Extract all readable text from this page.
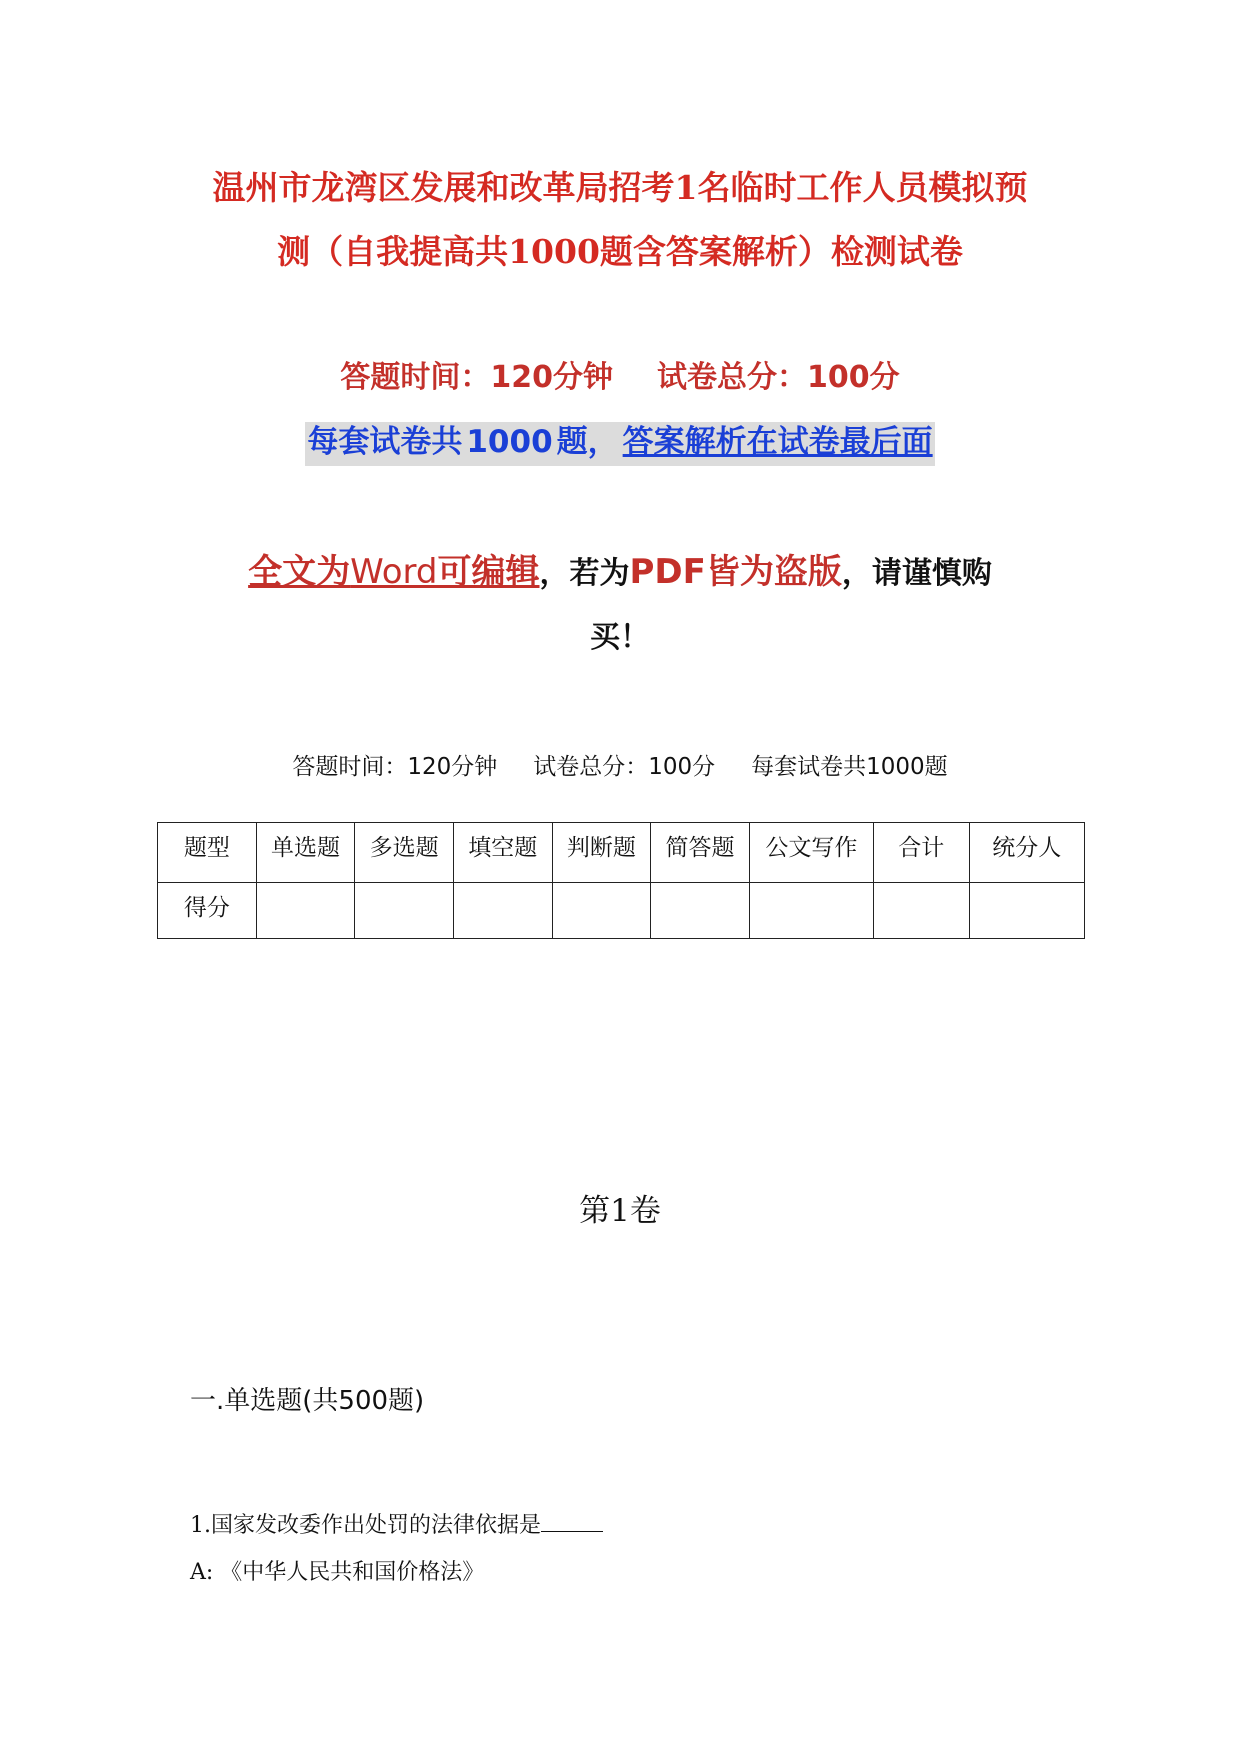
温州市龙湾区发展和改革局招考1名临时工作人员模拟预
测（自我提高共1000题含答案解析）检测试卷
答题时间：120分钟 试卷总分：100分
每套试卷共 1000 题， 答案解析在试卷最后面
全文为Word可编辑，若为PDF皆为盗版，请谨慎购
买！
答题时间：120分钟 试卷总分：100分 每套试卷共1000题
题型	单选题	多选题	填空题	判断题	简答题	公文写作	合计	统分人
得分								
第1卷
一.单选题(共500题)
1.国家发改委作出处罚的法律依据是
A: 《中华人民共和国价格法》
